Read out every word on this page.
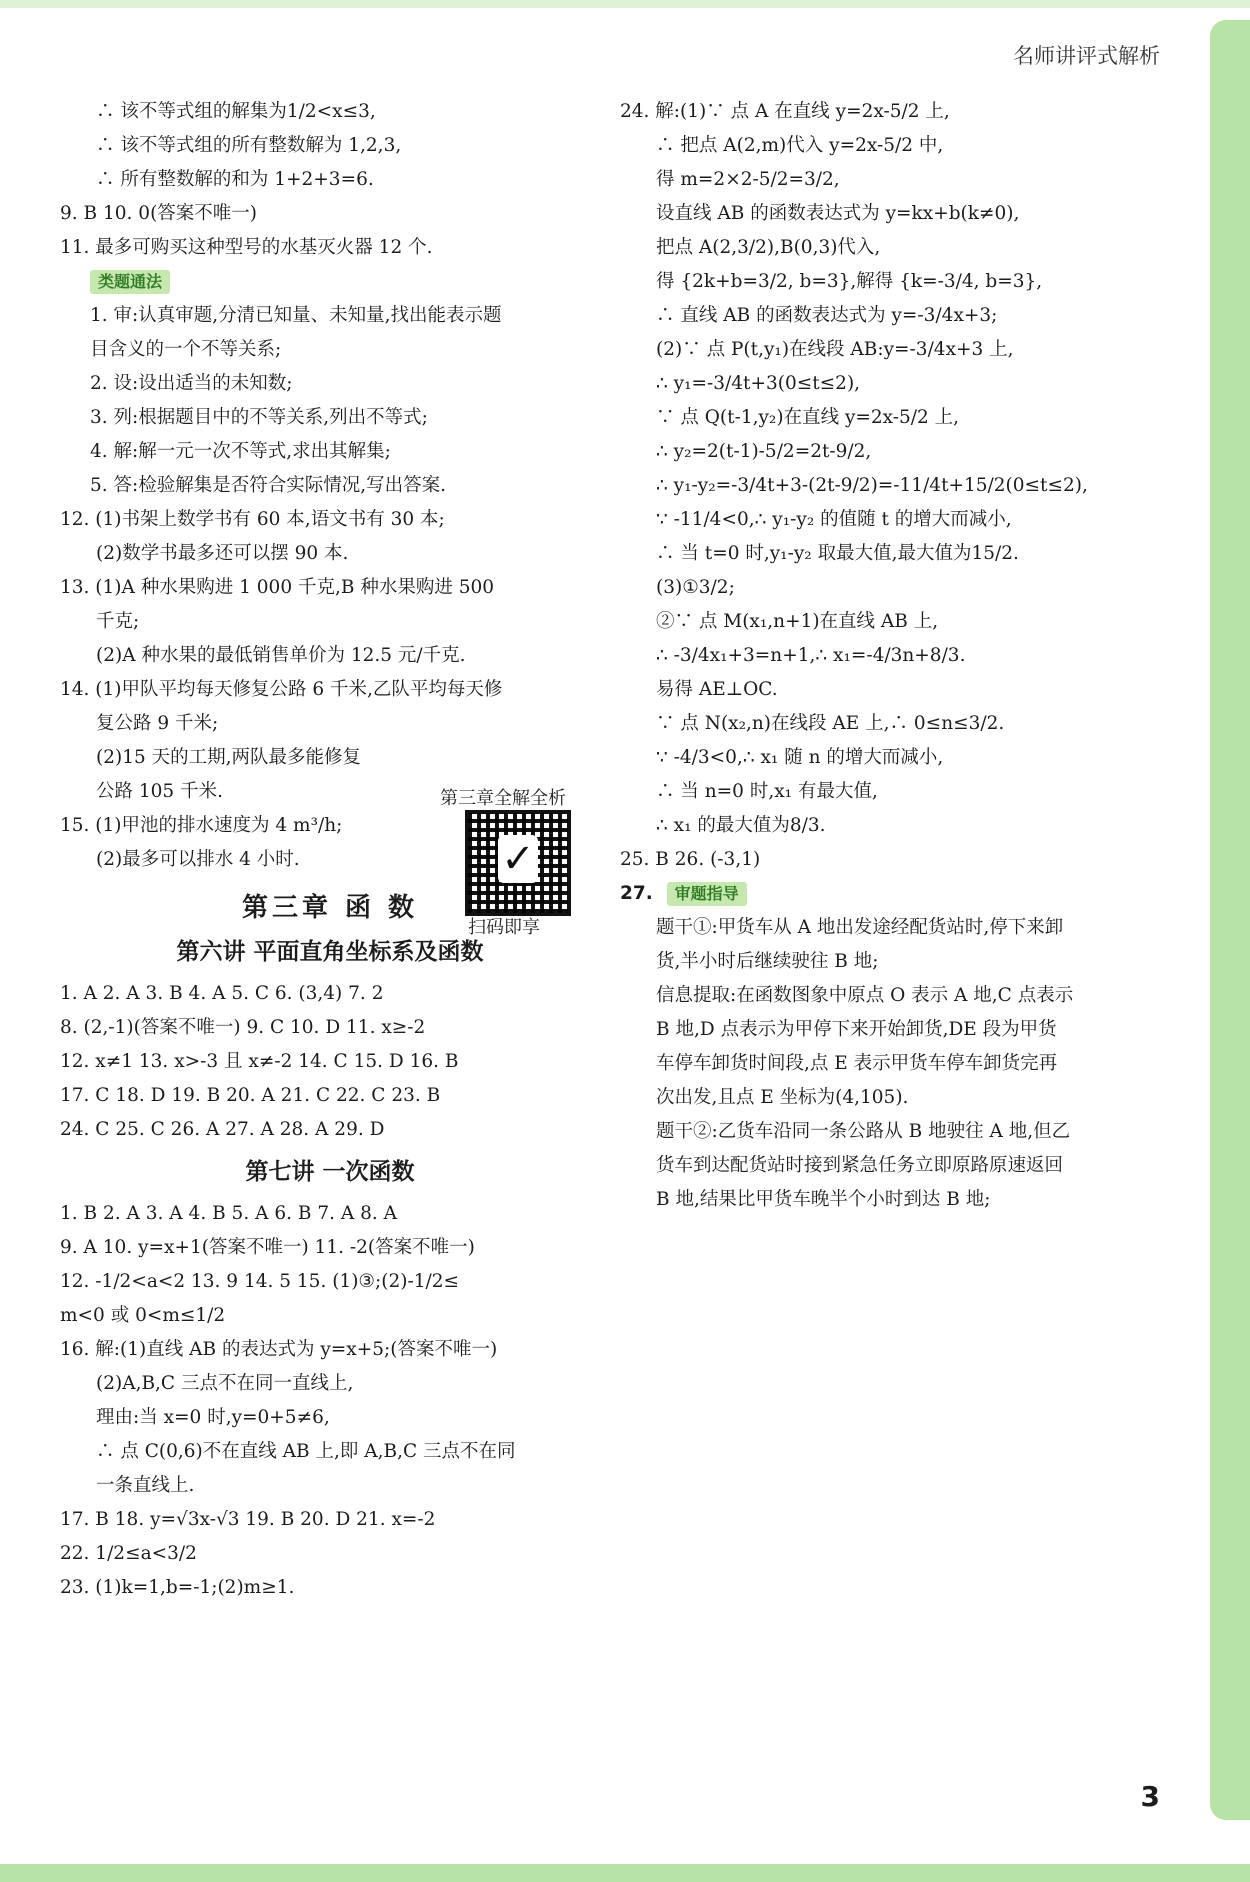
名师讲评式解析
∴ 该不等式组的解集为1/2<x≤3,
∴ 该不等式组的所有整数解为 1,2,3,
∴ 所有整数解的和为 1+2+3=6.
9. B 10. 0(答案不唯一)
11. 最多可购买这种型号的水基灭火器 12 个.
类题通法
1. 审:认真审题,分清已知量、未知量,找出能表示题
目含义的一个不等关系;
2. 设:设出适当的未知数;
3. 列:根据题目中的不等关系,列出不等式;
4. 解:解一元一次不等式,求出其解集;
5. 答:检验解集是否符合实际情况,写出答案.
12. (1)书架上数学书有 60 本,语文书有 30 本;
(2)数学书最多还可以摆 90 本.
13. (1)A 种水果购进 1 000 千克,B 种水果购进 500
千克;
(2)A 种水果的最低销售单价为 12.5 元/千克.
14. (1)甲队平均每天修复公路 6 千米,乙队平均每天修
复公路 9 千米;
(2)15 天的工期,两队最多能修复
公路 105 千米.
15. (1)甲池的排水速度为 4 m³/h;
(2)最多可以排水 4 小时.
第三章 函 数
第六讲 平面直角坐标系及函数
1. A 2. A 3. B 4. A 5. C 6. (3,4) 7. 2
8. (2,-1)(答案不唯一) 9. C 10. D 11. x≥-2
12. x≠1 13. x>-3 且 x≠-2 14. C 15. D 16. B
17. C 18. D 19. B 20. A 21. C 22. C 23. B
24. C 25. C 26. A 27. A 28. A 29. D
第七讲 一次函数
1. B 2. A 3. A 4. B 5. A 6. B 7. A 8. A
9. A 10. y=x+1(答案不唯一) 11. -2(答案不唯一)
12. -1/2<a<2 13. 9 14. 5 15. (1)③;(2)-1/2≤
m<0 或 0<m≤1/2
16. 解:(1)直线 AB 的表达式为 y=x+5;(答案不唯一)
(2)A,B,C 三点不在同一直线上,
理由:当 x=0 时,y=0+5≠6,
∴ 点 C(0,6)不在直线 AB 上,即 A,B,C 三点不在同
一条直线上.
17. B 18. y=√3x-√3 19. B 20. D 21. x=-2
22. 1/2≤a<3/2
23. (1)k=1,b=-1;(2)m≥1.
第三章全解全析
✓
扫码即享
24. 解:(1)∵ 点 A 在直线 y=2x-5/2 上,
∴ 把点 A(2,m)代入 y=2x-5/2 中,
得 m=2×2-5/2=3/2,
设直线 AB 的函数表达式为 y=kx+b(k≠0),
把点 A(2,3/2),B(0,3)代入,
得 {2k+b=3/2, b=3},解得 {k=-3/4, b=3},
∴ 直线 AB 的函数表达式为 y=-3/4x+3;
(2)∵ 点 P(t,y₁)在线段 AB:y=-3/4x+3 上,
∴ y₁=-3/4t+3(0≤t≤2),
∵ 点 Q(t-1,y₂)在直线 y=2x-5/2 上,
∴ y₂=2(t-1)-5/2=2t-9/2,
∴ y₁-y₂=-3/4t+3-(2t-9/2)=-11/4t+15/2(0≤t≤2),
∵ -11/4<0,∴ y₁-y₂ 的值随 t 的增大而减小,
∴ 当 t=0 时,y₁-y₂ 取最大值,最大值为15/2.
(3)①3/2;
②∵ 点 M(x₁,n+1)在直线 AB 上,
∴ -3/4x₁+3=n+1,∴ x₁=-4/3n+8/3.
易得 AE⊥OC.
∵ 点 N(x₂,n)在线段 AE 上,∴ 0≤n≤3/2.
∵ -4/3<0,∴ x₁ 随 n 的增大而减小,
∴ 当 n=0 时,x₁ 有最大值,
∴ x₁ 的最大值为8/3.
25. B 26. (-3,1)
27. 审题指导
题干①:甲货车从 A 地出发途经配货站时,停下来卸
货,半小时后继续驶往 B 地;
信息提取:在函数图象中原点 O 表示 A 地,C 点表示
B 地,D 点表示为甲停下来开始卸货,DE 段为甲货
车停车卸货时间段,点 E 表示甲货车停车卸货完再
次出发,且点 E 坐标为(4,105).
题干②:乙货车沿同一条公路从 B 地驶往 A 地,但乙
货车到达配货站时接到紧急任务立即原路原速返回
B 地,结果比甲货车晚半个小时到达 B 地;
3
